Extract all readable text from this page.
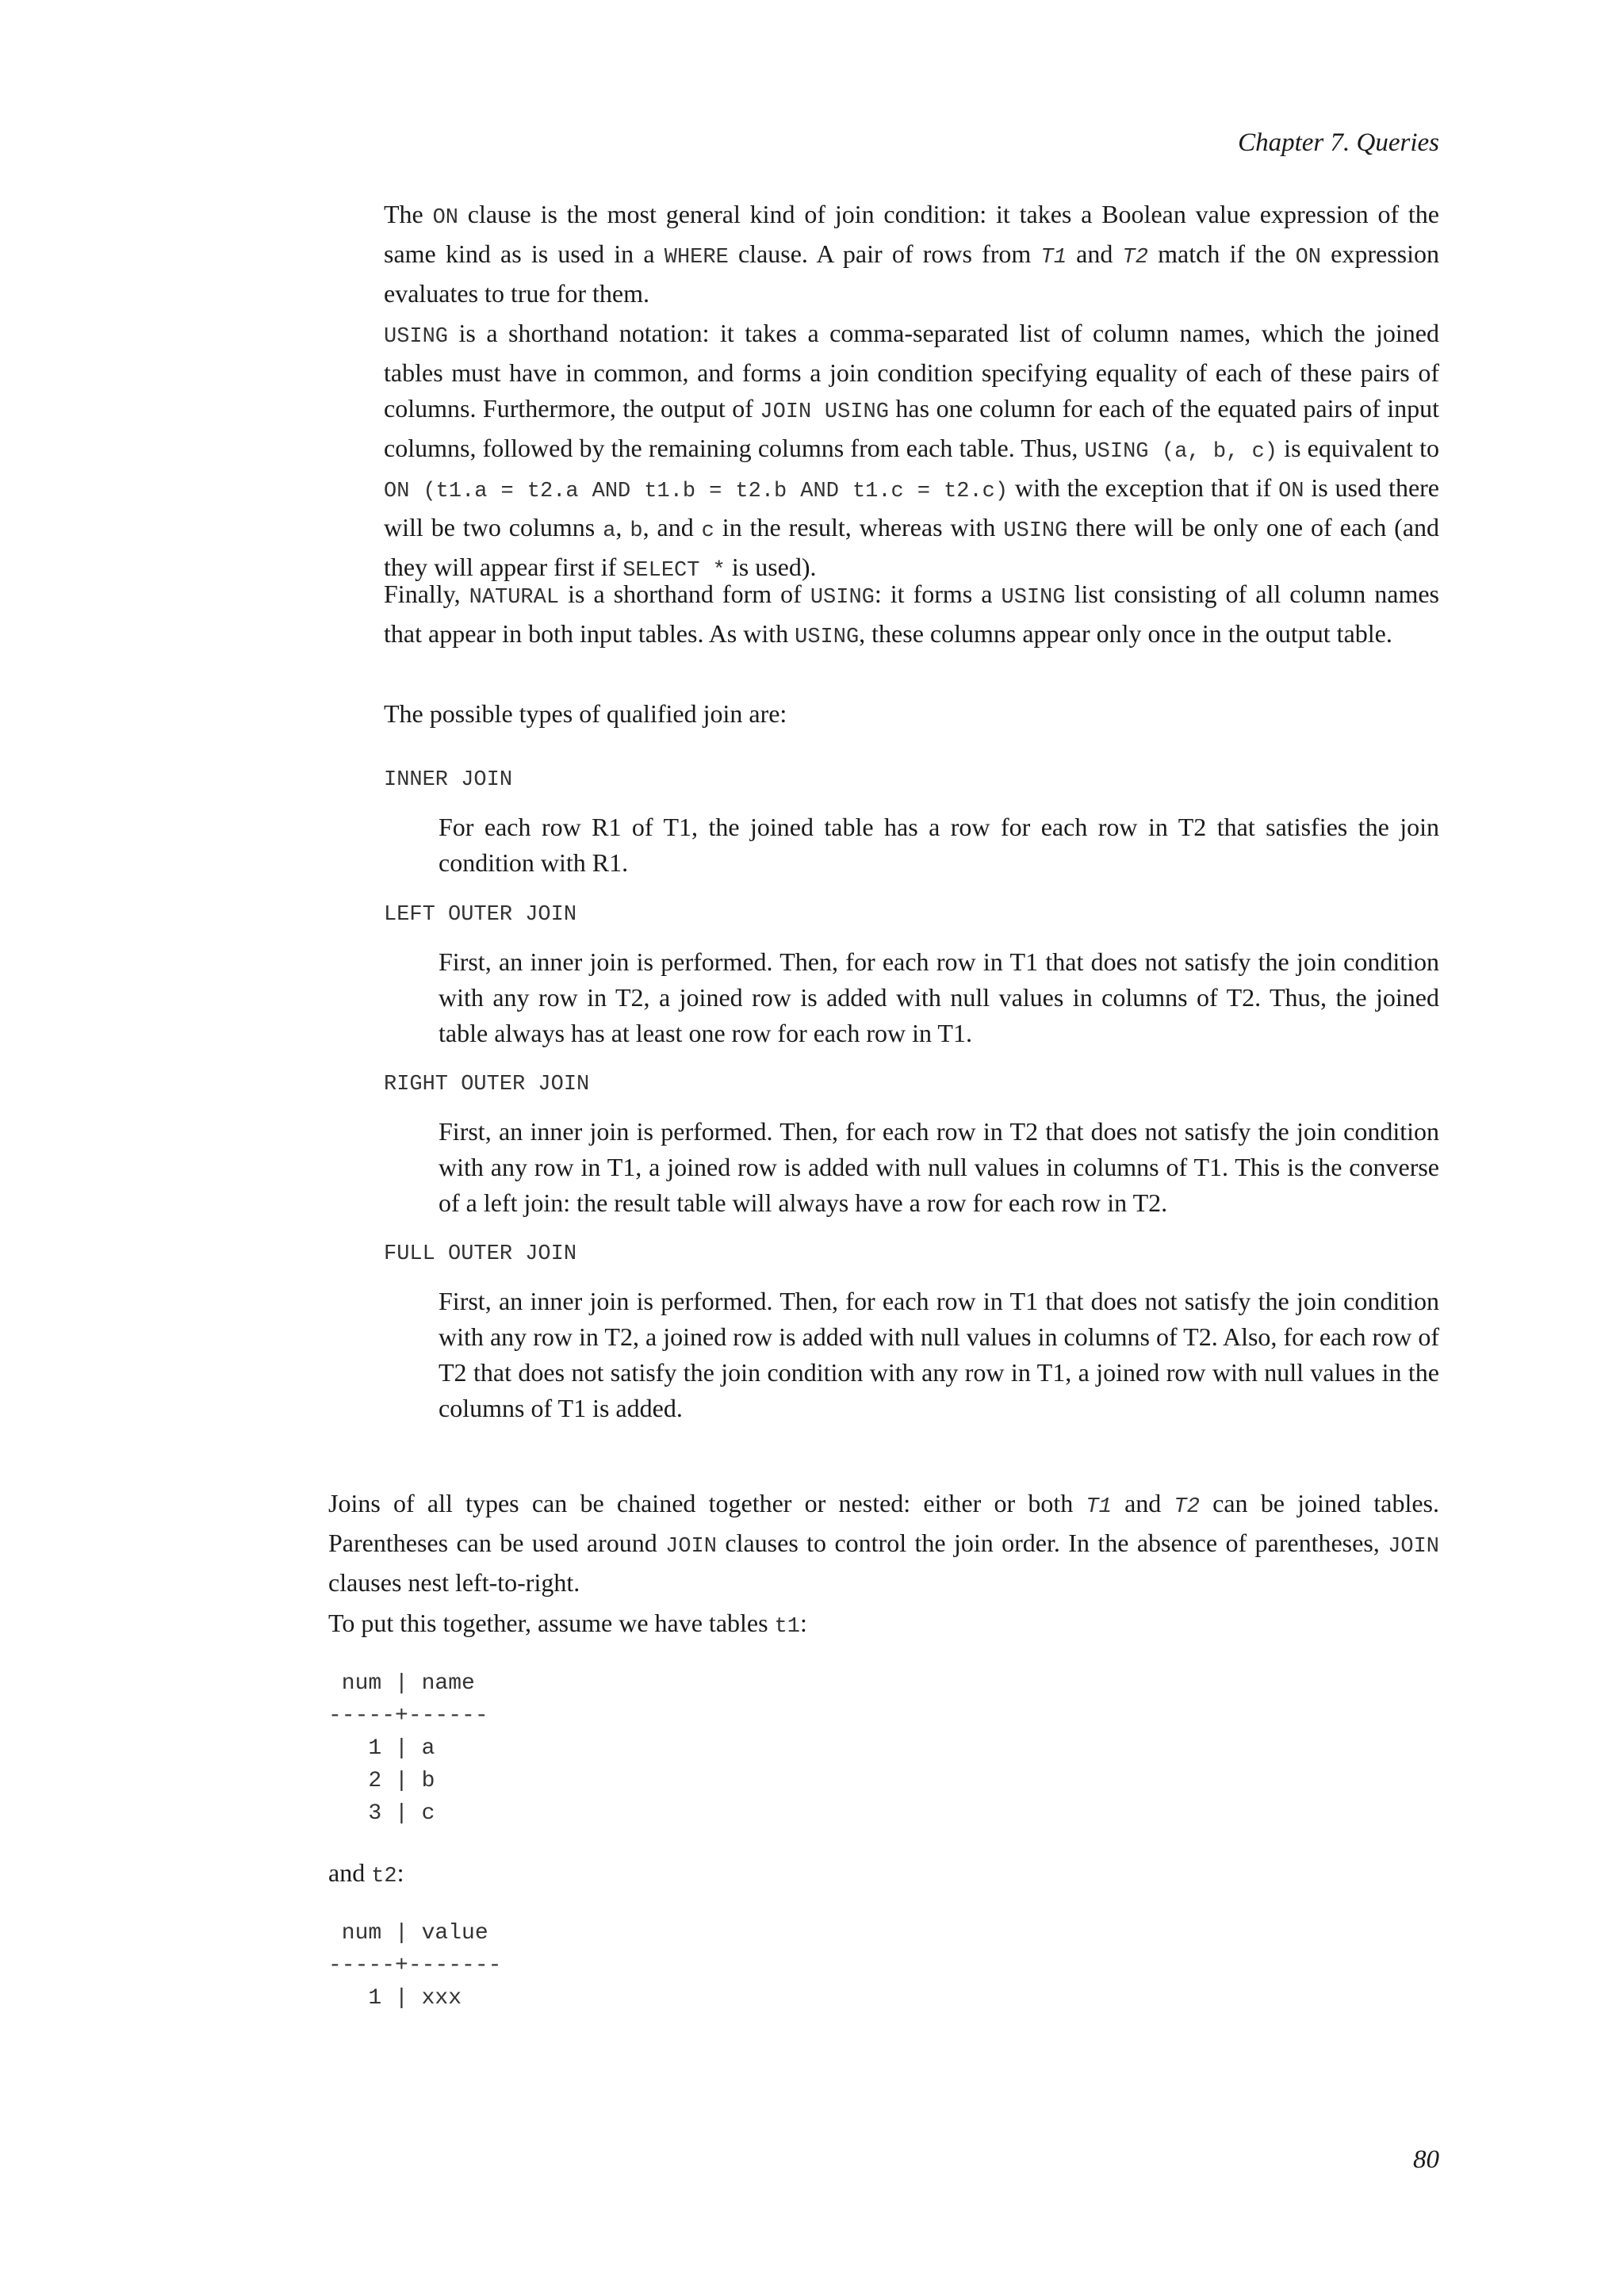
Chapter 7. Queries

The ON clause is the most general kind of join condition: it takes a Boolean value expression of the same kind as is used in a WHERE clause. A pair of rows from T1 and T2 match if the ON expression evaluates to true for them.

USING is a shorthand notation: it takes a comma-separated list of column names, which the joined tables must have in common, and forms a join condition specifying equality of each of these pairs of columns. Furthermore, the output of JOIN USING has one column for each of the equated pairs of input columns, followed by the remaining columns from each table. Thus, USING (a, b, c) is equivalent to ON (t1.a = t2.a AND t1.b = t2.b AND t1.c = t2.c) with the exception that if ON is used there will be two columns a, b, and c in the result, whereas with USING there will be only one of each (and they will appear first if SELECT * is used).

Finally, NATURAL is a shorthand form of USING: it forms a USING list consisting of all column names that appear in both input tables. As with USING, these columns appear only once in the output table.

The possible types of qualified join are:

INNER JOIN

For each row R1 of T1, the joined table has a row for each row in T2 that satisfies the join condition with R1.

LEFT OUTER JOIN

First, an inner join is performed. Then, for each row in T1 that does not satisfy the join condition with any row in T2, a joined row is added with null values in columns of T2. Thus, the joined table always has at least one row for each row in T1.

RIGHT OUTER JOIN

First, an inner join is performed. Then, for each row in T2 that does not satisfy the join condition with any row in T1, a joined row is added with null values in columns of T1. This is the converse of a left join: the result table will always have a row for each row in T2.

FULL OUTER JOIN

First, an inner join is performed. Then, for each row in T1 that does not satisfy the join condition with any row in T2, a joined row is added with null values in columns of T2. Also, for each row of T2 that does not satisfy the join condition with any row in T1, a joined row with null values in the columns of T1 is added.

Joins of all types can be chained together or nested: either or both T1 and T2 can be joined tables. Parentheses can be used around JOIN clauses to control the join order. In the absence of parentheses, JOIN clauses nest left-to-right.

To put this together, assume we have tables t1:

num | name
-----+------
1 | a
2 | b
3 | c

and t2:

num | value
-----+-------
1 | xxx
80
